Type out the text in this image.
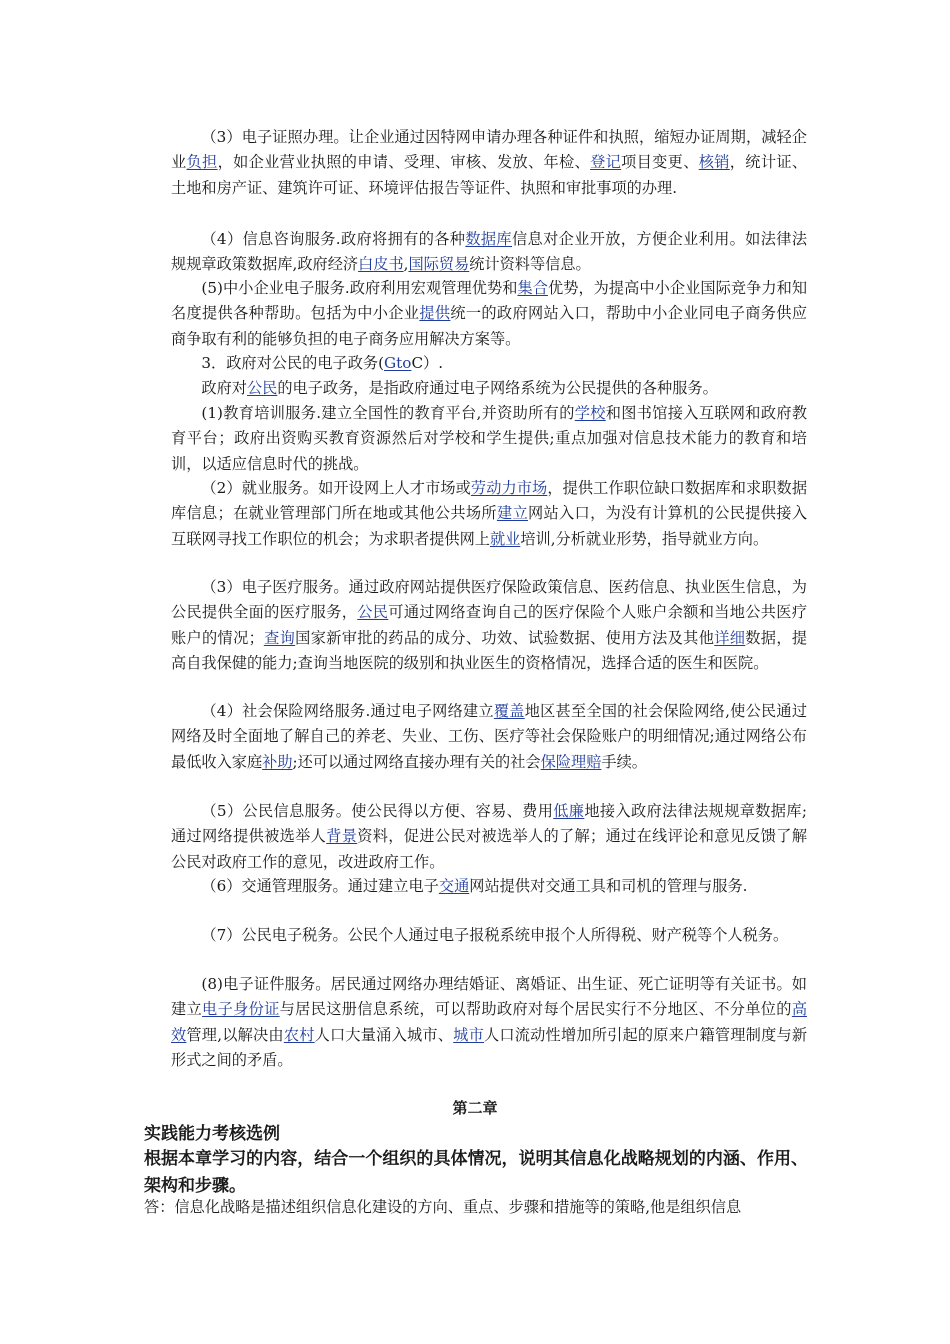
（3）电子证照办理。让企业通过因特网申请办理各种证件和执照，缩短办证周期，减轻企业负担，如企业营业执照的申请、受理、审核、发放、年检、登记项目变更、核销，统计证、土地和房产证、建筑许可证、环境评估报告等证件、执照和审批事项的办理.

（4）信息咨询服务.政府将拥有的各种数据库信息对企业开放，方便企业利用。如法律法规规章政策数据库,政府经济白皮书,国际贸易统计资料等信息。

(5)中小企业电子服务.政府利用宏观管理优势和集合优势，为提高中小企业国际竞争力和知名度提供各种帮助。包括为中小企业提供统一的政府网站入口，帮助中小企业同电子商务供应商争取有利的能够负担的电子商务应用解决方案等。

3．政府对公民的电子政务(GtoC）.

政府对公民的电子政务，是指政府通过电子网络系统为公民提供的各种服务。

(1)教育培训服务.建立全国性的教育平台,并资助所有的学校和图书馆接入互联网和政府教育平台；政府出资购买教育资源然后对学校和学生提供;重点加强对信息技术能力的教育和培训，以适应信息时代的挑战。

（2）就业服务。如开设网上人才市场或劳动力市场，提供工作职位缺口数据库和求职数据库信息；在就业管理部门所在地或其他公共场所建立网站入口，为没有计算机的公民提供接入互联网寻找工作职位的机会；为求职者提供网上就业培训,分析就业形势，指导就业方向。

（3）电子医疗服务。通过政府网站提供医疗保险政策信息、医药信息、执业医生信息，为公民提供全面的医疗服务，公民可通过网络查询自己的医疗保险个人账户余额和当地公共医疗账户的情况；查询国家新审批的药品的成分、功效、试验数据、使用方法及其他详细数据，提高自我保健的能力;查询当地医院的级别和执业医生的资格情况，选择合适的医生和医院。

（4）社会保险网络服务.通过电子网络建立覆盖地区甚至全国的社会保险网络,使公民通过网络及时全面地了解自己的养老、失业、工伤、医疗等社会保险账户的明细情况;通过网络公布最低收入家庭补助;还可以通过网络直接办理有关的社会保险理赔手续。

（5）公民信息服务。使公民得以方便、容易、费用低廉地接入政府法律法规规章数据库;通过网络提供被选举人背景资料，促进公民对被选举人的了解；通过在线评论和意见反馈了解公民对政府工作的意见，改进政府工作。

（6）交通管理服务。通过建立电子交通网站提供对交通工具和司机的管理与服务.

（7）公民电子税务。公民个人通过电子报税系统申报个人所得税、财产税等个人税务。

(8)电子证件服务。居民通过网络办理结婚证、离婚证、出生证、死亡证明等有关证书。如建立电子身份证与居民这册信息系统，可以帮助政府对每个居民实行不分地区、不分单位的高效管理,以解决由农村人口大量涌入城市、城市人口流动性增加所引起的原来户籍管理制度与新形式之间的矛盾。

第二章
实践能力考核选例
根据本章学习的内容，结合一个组织的具体情况，说明其信息化战略规划的内涵、作用、架构和步骤。
答：信息化战略是描述组织信息化建设的方向、重点、步骤和措施等的策略,他是组织信息
